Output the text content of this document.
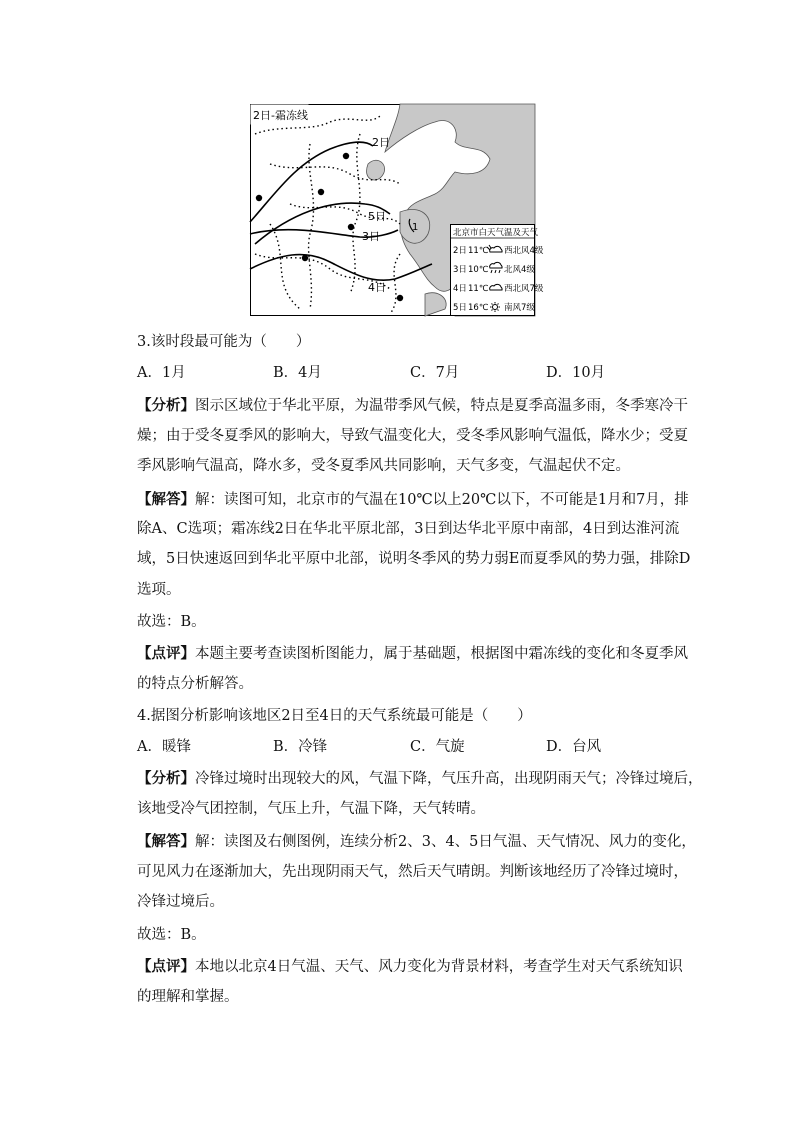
2日-霜冻线
2日
3日
4日
5日
1	北京市白天气温及天气
2日 11℃ 西北风4级
3日 10℃ 北风4级
4日 11℃ 西北风7级
5日 16℃ 南风7级
3.该时段最可能为（　　）
A．1月	B．4月	C．7月	D．10月
【分析】图示区域位于华北平原，为温带季风气候，特点是夏季高温多雨，冬季寒冷干
燥；由于受冬夏季风的影响大，导致气温变化大，受冬季风影响气温低，降水少；受夏
季风影响气温高，降水多，受冬夏季风共同影响，天气多变，气温起伏不定。
【解答】解：读图可知，北京市的气温在10℃以上20℃以下，不可能是1月和7月，排
除A、C选项；霜冻线2日在华北平原北部，3日到达华北平原中南部，4日到达淮河流
域，5日快速返回到华北平原中北部，说明冬季风的势力弱E而夏季风的势力强，排除D
选项。
故选：B。
【点评】本题主要考查读图析图能力，属于基础题，根据图中霜冻线的变化和冬夏季风
的特点分析解答。
4.据图分析影响该地区2日至4日的天气系统最可能是（　　）
A．暖锋	B．冷锋	C．气旋	D．台风
【分析】冷锋过境时出现较大的风，气温下降，气压升高，出现阴雨天气；冷锋过境后，
该地受冷气团控制，气压上升，气温下降，天气转晴。
【解答】解：读图及右侧图例，连续分析2、3、4、5日气温、天气情况、风力的变化，
可见风力在逐渐加大，先出现阴雨天气，然后天气晴朗。判断该地经历了冷锋过境时，
冷锋过境后。
故选：B。
【点评】本地以北京4日气温、天气、风力变化为背景材料，考查学生对天气系统知识
的理解和掌握。
